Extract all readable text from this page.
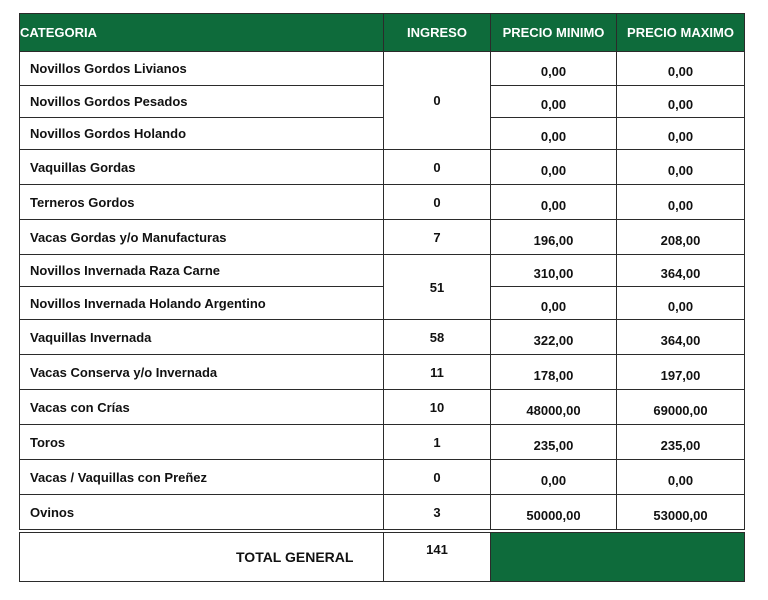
CATEGORIA	INGRESO	PRECIO MINIMO	PRECIO MAXIMO
Novillos Gordos Livianos	0	0,00	0,00
Novillos Gordos Pesados		0,00	0,00
Novillos Gordos Holando		0,00	0,00
Vaquillas Gordas	0	0,00	0,00
Terneros Gordos	0	0,00	0,00
Vacas Gordas y/o Manufacturas	7	196,00	208,00
Novillos Invernada Raza Carne	51	310,00	364,00
Novillos Invernada Holando Argentino		0,00	0,00
Vaquillas Invernada	58	322,00	364,00
Vacas Conserva y/o Invernada	11	178,00	197,00
Vacas con Crías	10	48000,00	69000,00
Toros	1	235,00	235,00
Vacas / Vaquillas con Preñez	0	0,00	0,00
Ovinos	3	50000,00	53000,00
TOTAL GENERAL	141	
